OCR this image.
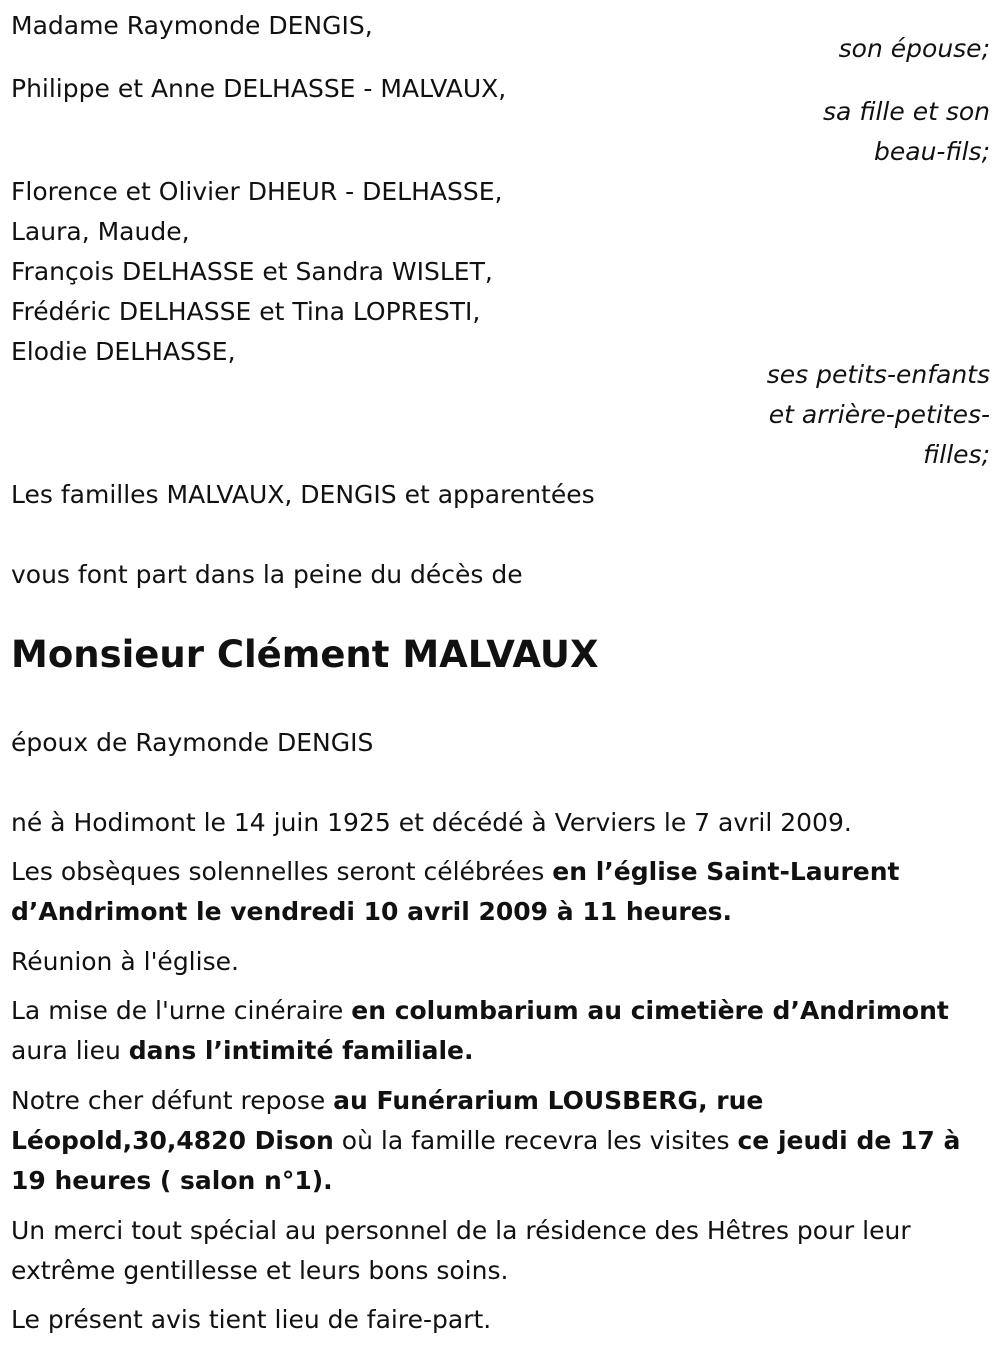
Madame Raymonde DENGIS,
son épouse;
Philippe et Anne DELHASSE - MALVAUX,
sa fille et son
beau-fils;
Florence et Olivier DHEUR - DELHASSE,
Laura, Maude,
François DELHASSE et Sandra WISLET,
Frédéric DELHASSE et Tina LOPRESTI,
Elodie DELHASSE,
ses petits-enfants
et arrière-petites-
filles;
Les familles MALVAUX, DENGIS et apparentées
vous font part dans la peine du décès de
Monsieur Clément MALVAUX
époux de Raymonde DENGIS
né à Hodimont le 14 juin 1925 et décédé à Verviers le 7 avril 2009.
Les obsèques solennelles seront célébrées en l’église Saint-Laurent d’Andrimont le vendredi 10 avril 2009 à 11 heures.
Réunion à l'église.
La mise de l'urne cinéraire en columbarium au cimetière d’Andrimont aura lieu dans l’intimité familiale.
Notre cher défunt repose au Funérarium LOUSBERG, rue Léopold,30,4820 Dison où la famille recevra les visites ce jeudi de 17 à 19 heures ( salon n°1).
Un merci tout spécial au personnel de la résidence des Hêtres pour leur extrême gentillesse et leurs bons soins.
Le présent avis tient lieu de faire-part.
